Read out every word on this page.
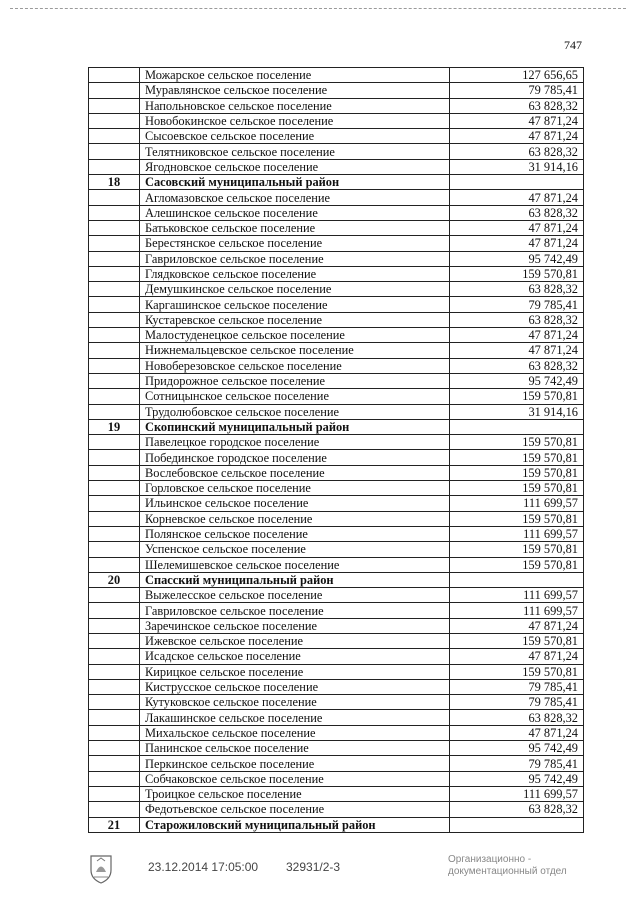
747
	Можарское сельское поселение	127 656,65
	Муравлянское сельское поселение	79 785,41
	Напольновское сельское поселение	63 828,32
	Новобокинское сельское поселение	47 871,24
	Сысоевское сельское поселение	47 871,24
	Телятниковское сельское поселение	63 828,32
	Ягодновское сельское поселение	31 914,16
18	Сасовский муниципальный район	
	Агломазовское сельское поселение	47 871,24
	Алешинское сельское поселение	63 828,32
	Батьковское сельское поселение	47 871,24
	Берестянское сельское поселение	47 871,24
	Гавриловское сельское поселение	95 742,49
	Глядковское сельское поселение	159 570,81
	Демушкинское сельское поселение	63 828,32
	Каргашинское сельское поселение	79 785,41
	Кустаревское сельское поселение	63 828,32
	Малостуденецкое сельское поселение	47 871,24
	Нижнемальцевское сельское поселение	47 871,24
	Новоберезовское сельское поселение	63 828,32
	Придорожное сельское поселение	95 742,49
	Сотницынское сельское поселение	159 570,81
	Трудолюбовское сельское поселение	31 914,16
19	Скопинский муниципальный район	
	Павелецкое городское поселение	159 570,81
	Побединское городское поселение	159 570,81
	Вослебовское сельское поселение	159 570,81
	Горловское сельское поселение	159 570,81
	Ильинское сельское поселение	111 699,57
	Корневское сельское поселение	159 570,81
	Полянское сельское поселение	111 699,57
	Успенское сельское поселение	159 570,81
	Шелемишевское сельское поселение	159 570,81
20	Спасский муниципальный район	
	Выжелесское сельское поселение	111 699,57
	Гавриловское сельское поселение	111 699,57
	Заречинское сельское поселение	47 871,24
	Ижевское сельское поселение	159 570,81
	Исадское сельское поселение	47 871,24
	Кирицкое сельское поселение	159 570,81
	Киструсское сельское поселение	79 785,41
	Кутуковское сельское поселение	79 785,41
	Лакашинское сельское поселение	63 828,32
	Михальское сельское поселение	47 871,24
	Панинское сельское поселение	95 742,49
	Перкинское сельское поселение	79 785,41
	Собчаковское сельское поселение	95 742,49
	Троицкое сельское поселение	111 699,57
	Федотьевское сельское поселение	63 828,32
21	Старожиловский муниципальный район	
23.12.2014 17:05:00 32931/2-3
Организационно -
документационный отдел
